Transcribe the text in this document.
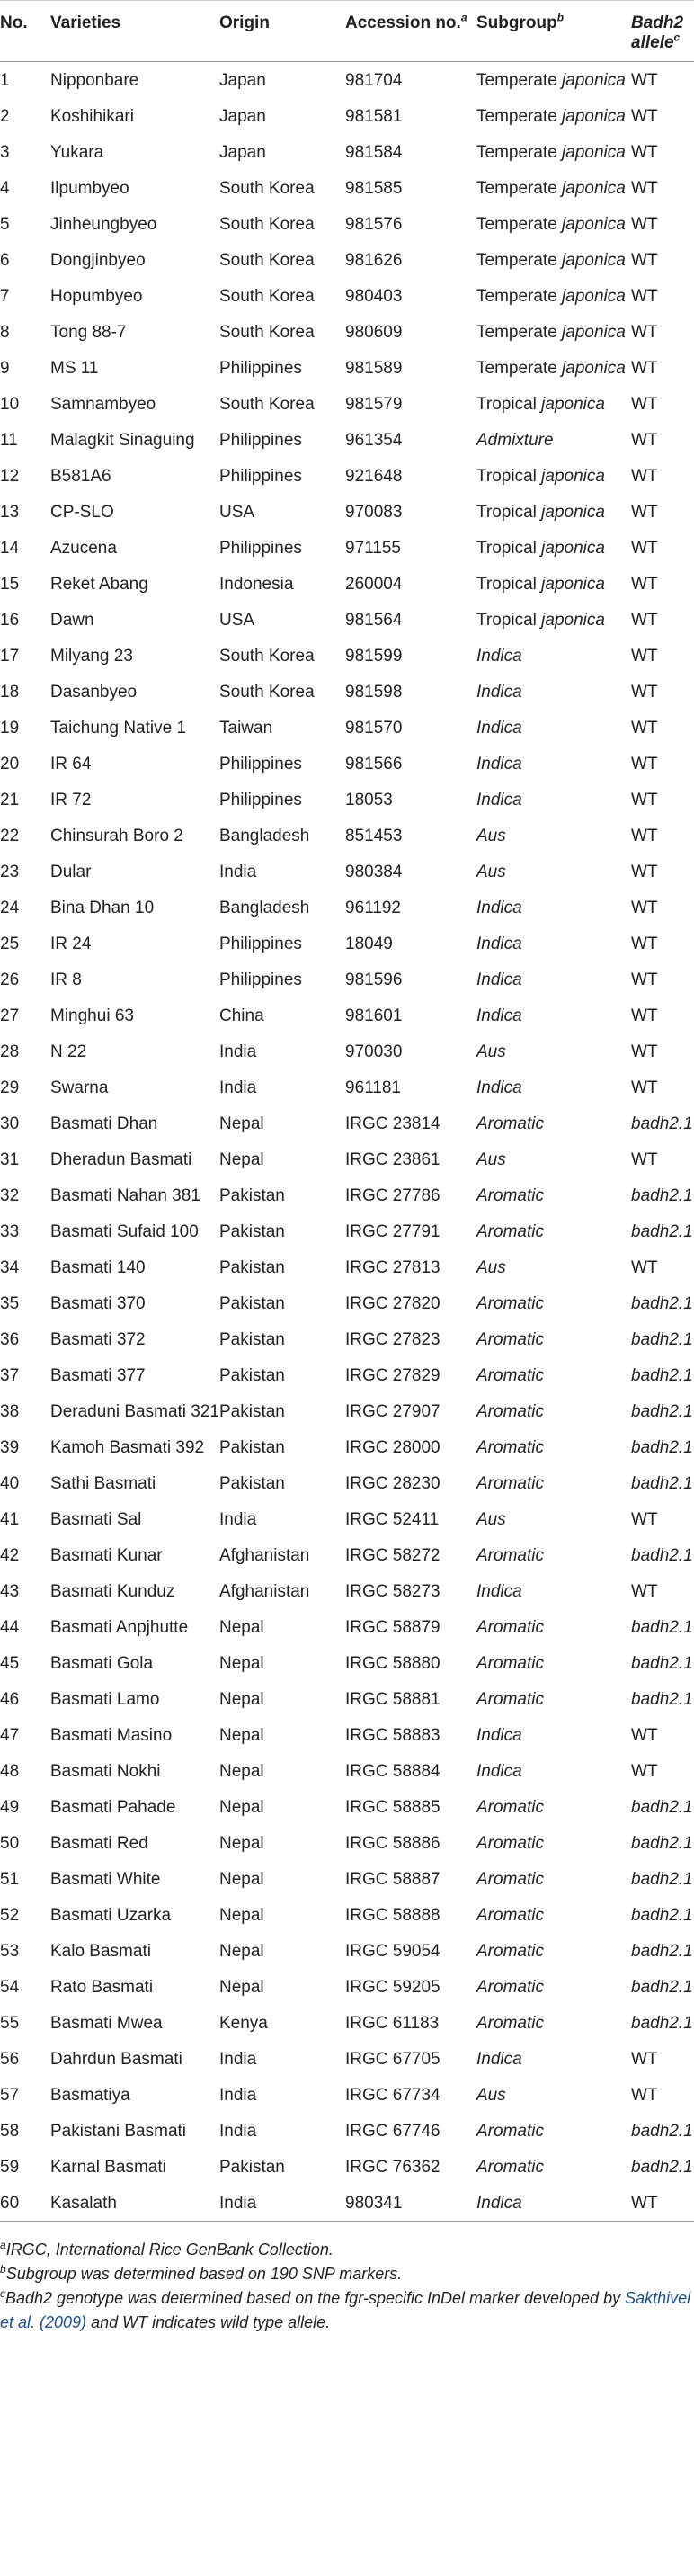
No.	Varieties	Origin	Accession no.$^a$	Subgroup$^b$	Badh2 allele$^c$
1	Nipponbare	Japan	981704	Temperate japonica	WT
2	Koshihikari	Japan	981581	Temperate japonica	WT
3	Yukara	Japan	981584	Temperate japonica	WT
4	Ilpumbyeo	South Korea	981585	Temperate japonica	WT
5	Jinheungbyeo	South Korea	981576	Temperate japonica	WT
6	Dongjinbyeo	South Korea	981626	Temperate japonica	WT
7	Hopumbyeo	South Korea	980403	Temperate japonica	WT
8	Tong 88-7	South Korea	980609	Temperate japonica	WT
9	MS 11	Philippines	981589	Temperate japonica	WT
10	Samnambyeo	South Korea	981579	Tropical japonica	WT
11	Malagkit Sinaguing	Philippines	961354	Admixture	WT
12	B581A6	Philippines	921648	Tropical japonica	WT
13	CP-SLO	USA	970083	Tropical japonica	WT
14	Azucena	Philippines	971155	Tropical japonica	WT
15	Reket Abang	Indonesia	260004	Tropical japonica	WT
16	Dawn	USA	981564	Tropical japonica	WT
17	Milyang 23	South Korea	981599	Indica	WT
18	Dasanbyeo	South Korea	981598	Indica	WT
19	Taichung Native 1	Taiwan	981570	Indica	WT
20	IR 64	Philippines	981566	Indica	WT
21	IR 72	Philippines	18053	Indica	WT
22	Chinsurah Boro 2	Bangladesh	851453	Aus	WT
23	Dular	India	980384	Aus	WT
24	Bina Dhan 10	Bangladesh	961192	Indica	WT
25	IR 24	Philippines	18049	Indica	WT
26	IR 8	Philippines	981596	Indica	WT
27	Minghui 63	China	981601	Indica	WT
28	N 22	India	970030	Aus	WT
29	Swarna	India	961181	Indica	WT
30	Basmati Dhan	Nepal	IRGC 23814	Aromatic	badh2.1
31	Dheradun Basmati	Nepal	IRGC 23861	Aus	WT
32	Basmati Nahan 381	Pakistan	IRGC 27786	Aromatic	badh2.1
33	Basmati Sufaid 100	Pakistan	IRGC 27791	Aromatic	badh2.1
34	Basmati 140	Pakistan	IRGC 27813	Aus	WT
35	Basmati 370	Pakistan	IRGC 27820	Aromatic	badh2.1
36	Basmati 372	Pakistan	IRGC 27823	Aromatic	badh2.1
37	Basmati 377	Pakistan	IRGC 27829	Aromatic	badh2.1
38	Deraduni Basmati 321	Pakistan	IRGC 27907	Aromatic	badh2.1
39	Kamoh Basmati 392	Pakistan	IRGC 28000	Aromatic	badh2.1
40	Sathi Basmati	Pakistan	IRGC 28230	Aromatic	badh2.1
41	Basmati Sal	India	IRGC 52411	Aus	WT
42	Basmati Kunar	Afghanistan	IRGC 58272	Aromatic	badh2.1
43	Basmati Kunduz	Afghanistan	IRGC 58273	Indica	WT
44	Basmati Anpjhutte	Nepal	IRGC 58879	Aromatic	badh2.1
45	Basmati Gola	Nepal	IRGC 58880	Aromatic	badh2.1
46	Basmati Lamo	Nepal	IRGC 58881	Aromatic	badh2.1
47	Basmati Masino	Nepal	IRGC 58883	Indica	WT
48	Basmati Nokhi	Nepal	IRGC 58884	Indica	WT
49	Basmati Pahade	Nepal	IRGC 58885	Aromatic	badh2.1
50	Basmati Red	Nepal	IRGC 58886	Aromatic	badh2.1
51	Basmati White	Nepal	IRGC 58887	Aromatic	badh2.1
52	Basmati Uzarka	Nepal	IRGC 58888	Aromatic	badh2.1
53	Kalo Basmati	Nepal	IRGC 59054	Aromatic	badh2.1
54	Rato Basmati	Nepal	IRGC 59205	Aromatic	badh2.1
55	Basmati Mwea	Kenya	IRGC 61183	Aromatic	badh2.1
56	Dahrdun Basmati	India	IRGC 67705	Indica	WT
57	Basmatiya	India	IRGC 67734	Aus	WT
58	Pakistani Basmati	India	IRGC 67746	Aromatic	badh2.1
59	Karnal Basmati	Pakistan	IRGC 76362	Aromatic	badh2.1
60	Kasalath	India	980341	Indica	WT

$^a$IRGC, International Rice GenBank Collection.

$^b$Subgroup was determined based on 190 SNP markers.

$^c$Badh2 genotype was determined based on the fgr-specific InDel marker developed by Sakthivel et al. (2009) and WT indicates wild type allele.
